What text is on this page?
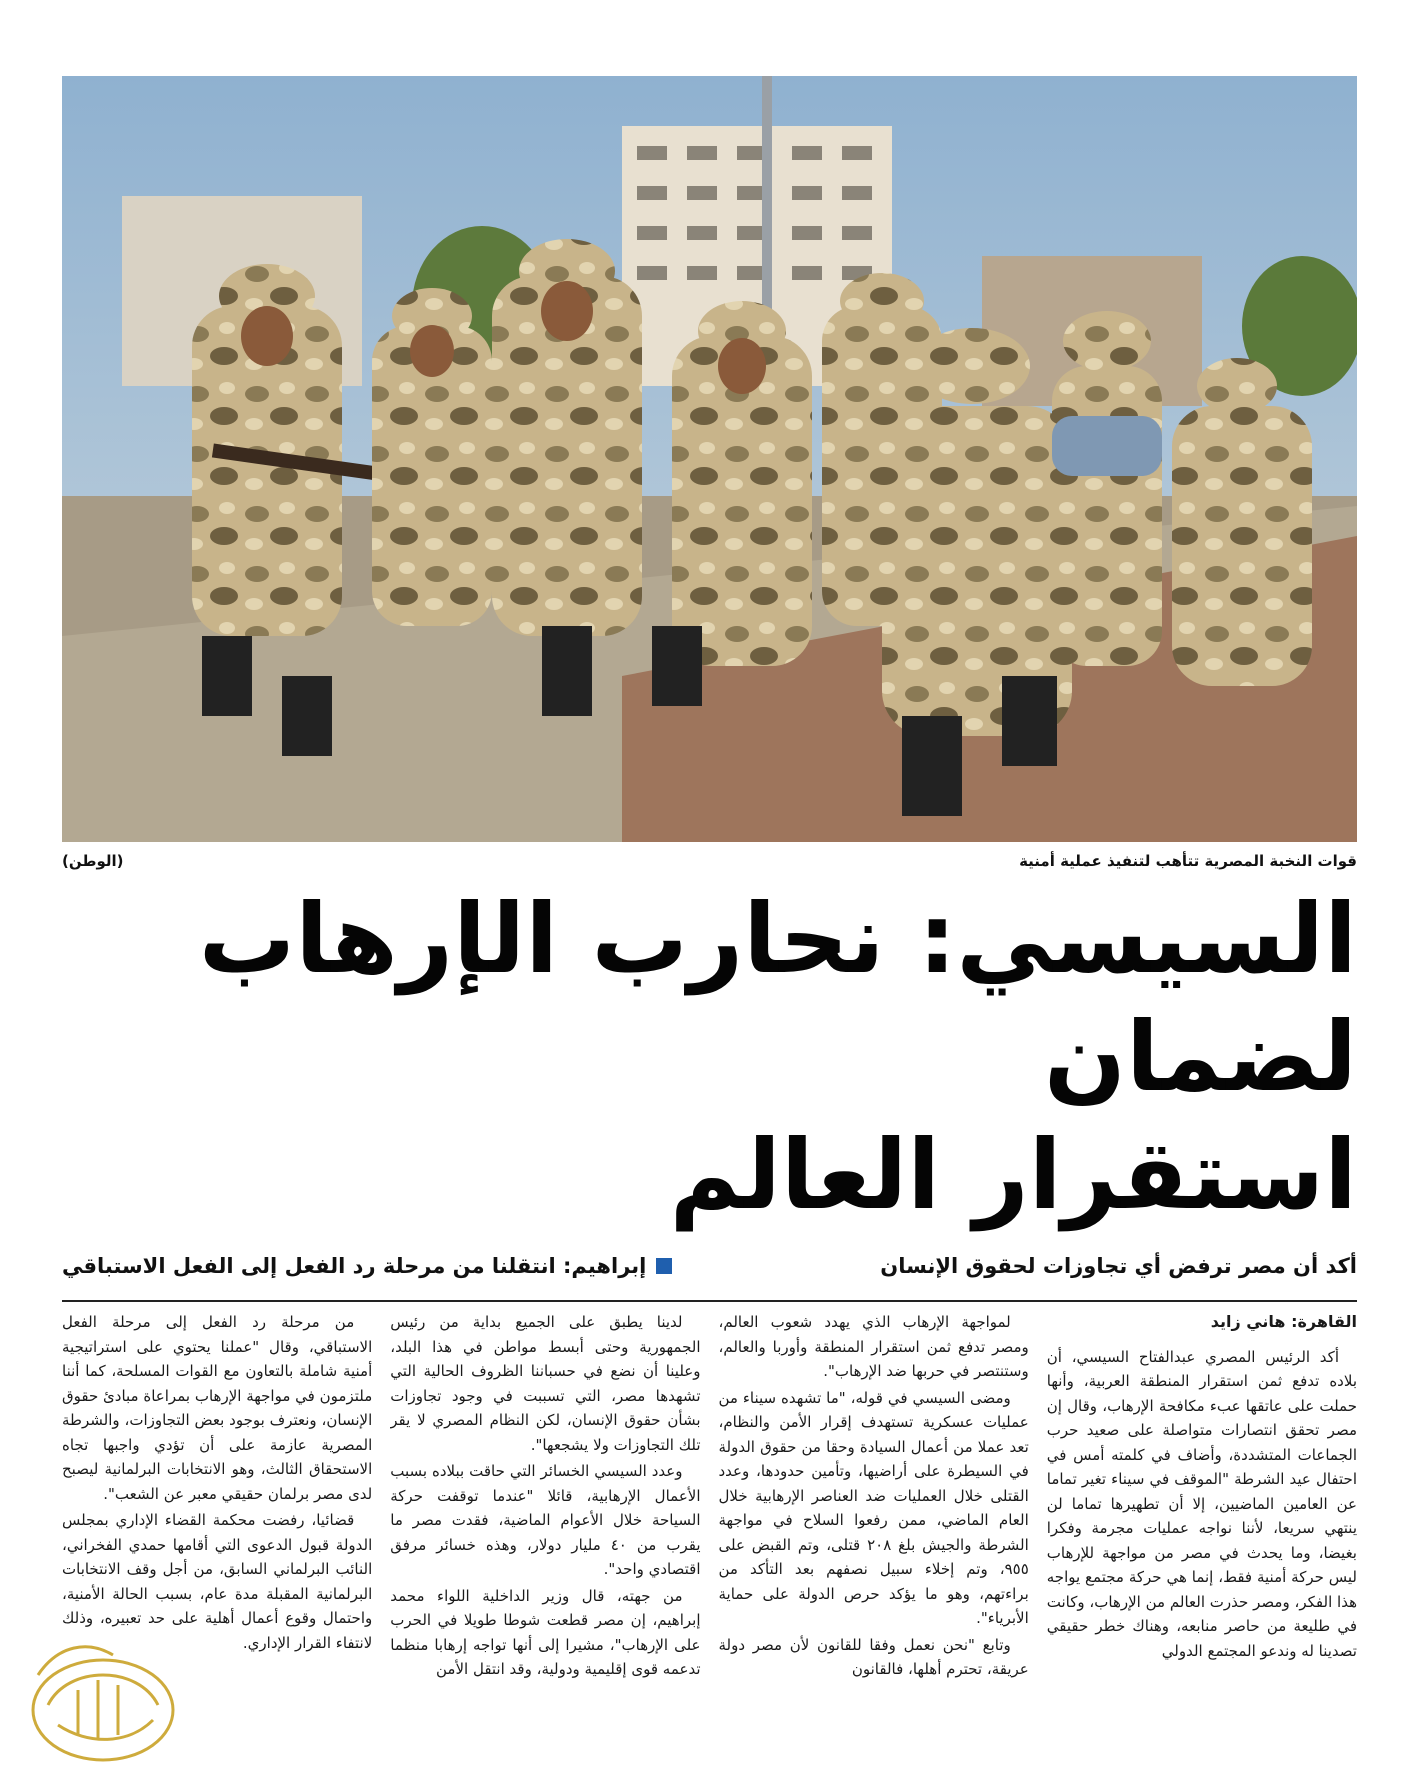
قوات النخبة المصرية تتأهب لتنفيذ عملية أمنية
(الوطن)
السيسي: نحارب الإرهاب لضمان
استقرار العالم
أكد أن مصر ترفض أي تجاوزات لحقوق الإنسان
إبراهيم: انتقلنا من مرحلة رد الفعل إلى الفعل الاستباقي
القاهرة: هاني زايد

أكد الرئيس المصري عبدالفتاح السيسي، أن بلاده تدفع ثمن استقرار المنطقة العربية، وأنها حملت على عاتقها عبء مكافحة الإرهاب، وقال إن مصر تحقق انتصارات متواصلة على صعيد حرب الجماعات المتشددة، وأضاف في كلمته أمس في احتفال عيد الشرطة "الموقف في سيناء تغير تماما عن العامين الماضيين، إلا أن تطهيرها تماما لن ينتهي سريعا، لأننا نواجه عمليات مجرمة وفكرا بغيضا، وما يحدث في مصر من مواجهة للإرهاب ليس حركة أمنية فقط، إنما هي حركة مجتمع يواجه هذا الفكر، ومصر حذرت العالم من الإرهاب، وكانت في طليعة من حاصر منابعه، وهناك خطر حقيقي تصدينا له وندعو المجتمع الدولي

لمواجهة الإرهاب الذي يهدد شعوب العالم، ومصر تدفع ثمن استقرار المنطقة وأوربا والعالم، وستنتصر في حربها ضد الإرهاب".

ومضى السيسي في قوله، "ما تشهده سيناء من عمليات عسكرية تستهدف إقرار الأمن والنظام، تعد عملا من أعمال السيادة وحقا من حقوق الدولة في السيطرة على أراضيها، وتأمين حدودها، وعدد القتلى خلال العمليات ضد العناصر الإرهابية خلال العام الماضي، ممن رفعوا السلاح في مواجهة الشرطة والجيش بلغ ٢٠٨ قتلى، وتم القبض على ٩٥٥، وتم إخلاء سبيل نصفهم بعد التأكد من براءتهم، وهو ما يؤكد حرص الدولة على حماية الأبرياء".

وتابع "نحن نعمل وفقا للقانون لأن مصر دولة عريقة، تحترم أهلها، فالقانون

لدينا يطبق على الجميع بداية من رئيس الجمهورية وحتى أبسط مواطن في هذا البلد، وعلينا أن نضع في حسباننا الظروف الحالية التي تشهدها مصر، التي تسببت في وجود تجاوزات بشأن حقوق الإنسان، لكن النظام المصري لا يقر تلك التجاوزات ولا يشجعها".

وعدد السيسي الخسائر التي حاقت ببلاده بسبب الأعمال الإرهابية، قائلا "عندما توقفت حركة السياحة خلال الأعوام الماضية، فقدت مصر ما يقرب من ٤٠ مليار دولار، وهذه خسائر مرفق اقتصادي واحد".

من جهته، قال وزير الداخلية اللواء محمد إبراهيم، إن مصر قطعت شوطا طويلا في الحرب على الإرهاب"، مشيرا إلى أنها تواجه إرهابا منظما تدعمه قوى إقليمية ودولية، وقد انتقل الأمن

من مرحلة رد الفعل إلى مرحلة الفعل الاستباقي، وقال "عملنا يحتوي على استراتيجية أمنية شاملة بالتعاون مع القوات المسلحة، كما أننا ملتزمون في مواجهة الإرهاب بمراعاة مبادئ حقوق الإنسان، ونعترف بوجود بعض التجاوزات، والشرطة المصرية عازمة على أن تؤدي واجبها تجاه الاستحقاق الثالث، وهو الانتخابات البرلمانية ليصبح لدى مصر برلمان حقيقي معبر عن الشعب".

قضائيا، رفضت محكمة القضاء الإداري بمجلس الدولة قبول الدعوى التي أقامها حمدي الفخراني، النائب البرلماني السابق، من أجل وقف الانتخابات البرلمانية المقبلة مدة عام، بسبب الحالة الأمنية، واحتمال وقوع أعمال أهلية على حد تعبيره، وذلك لانتفاء القرار الإداري.
